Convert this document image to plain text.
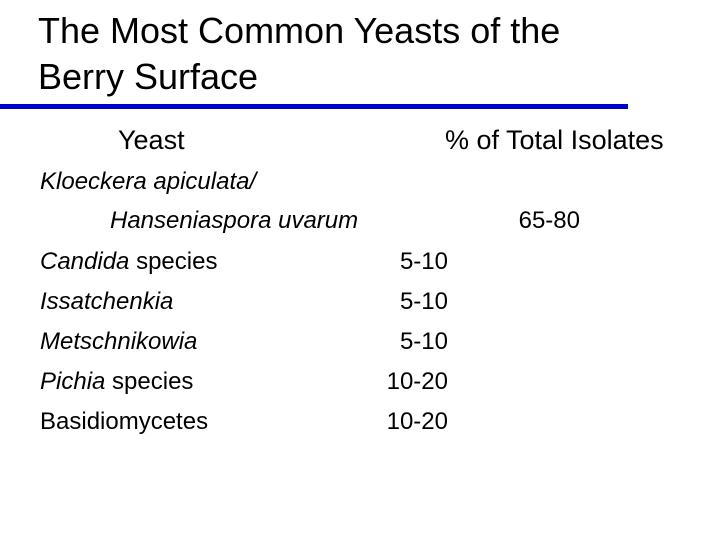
The Most Common Yeasts of the
Berry Surface
Yeast	% of Total Isolates
Kloeckera apiculata/
Hanseniaspora uvarum	65-80
Candida species	5-10
Issatchenkia	5-10
Metschnikowia	5-10
Pichia species	10-20
Basidiomycetes	10-20
